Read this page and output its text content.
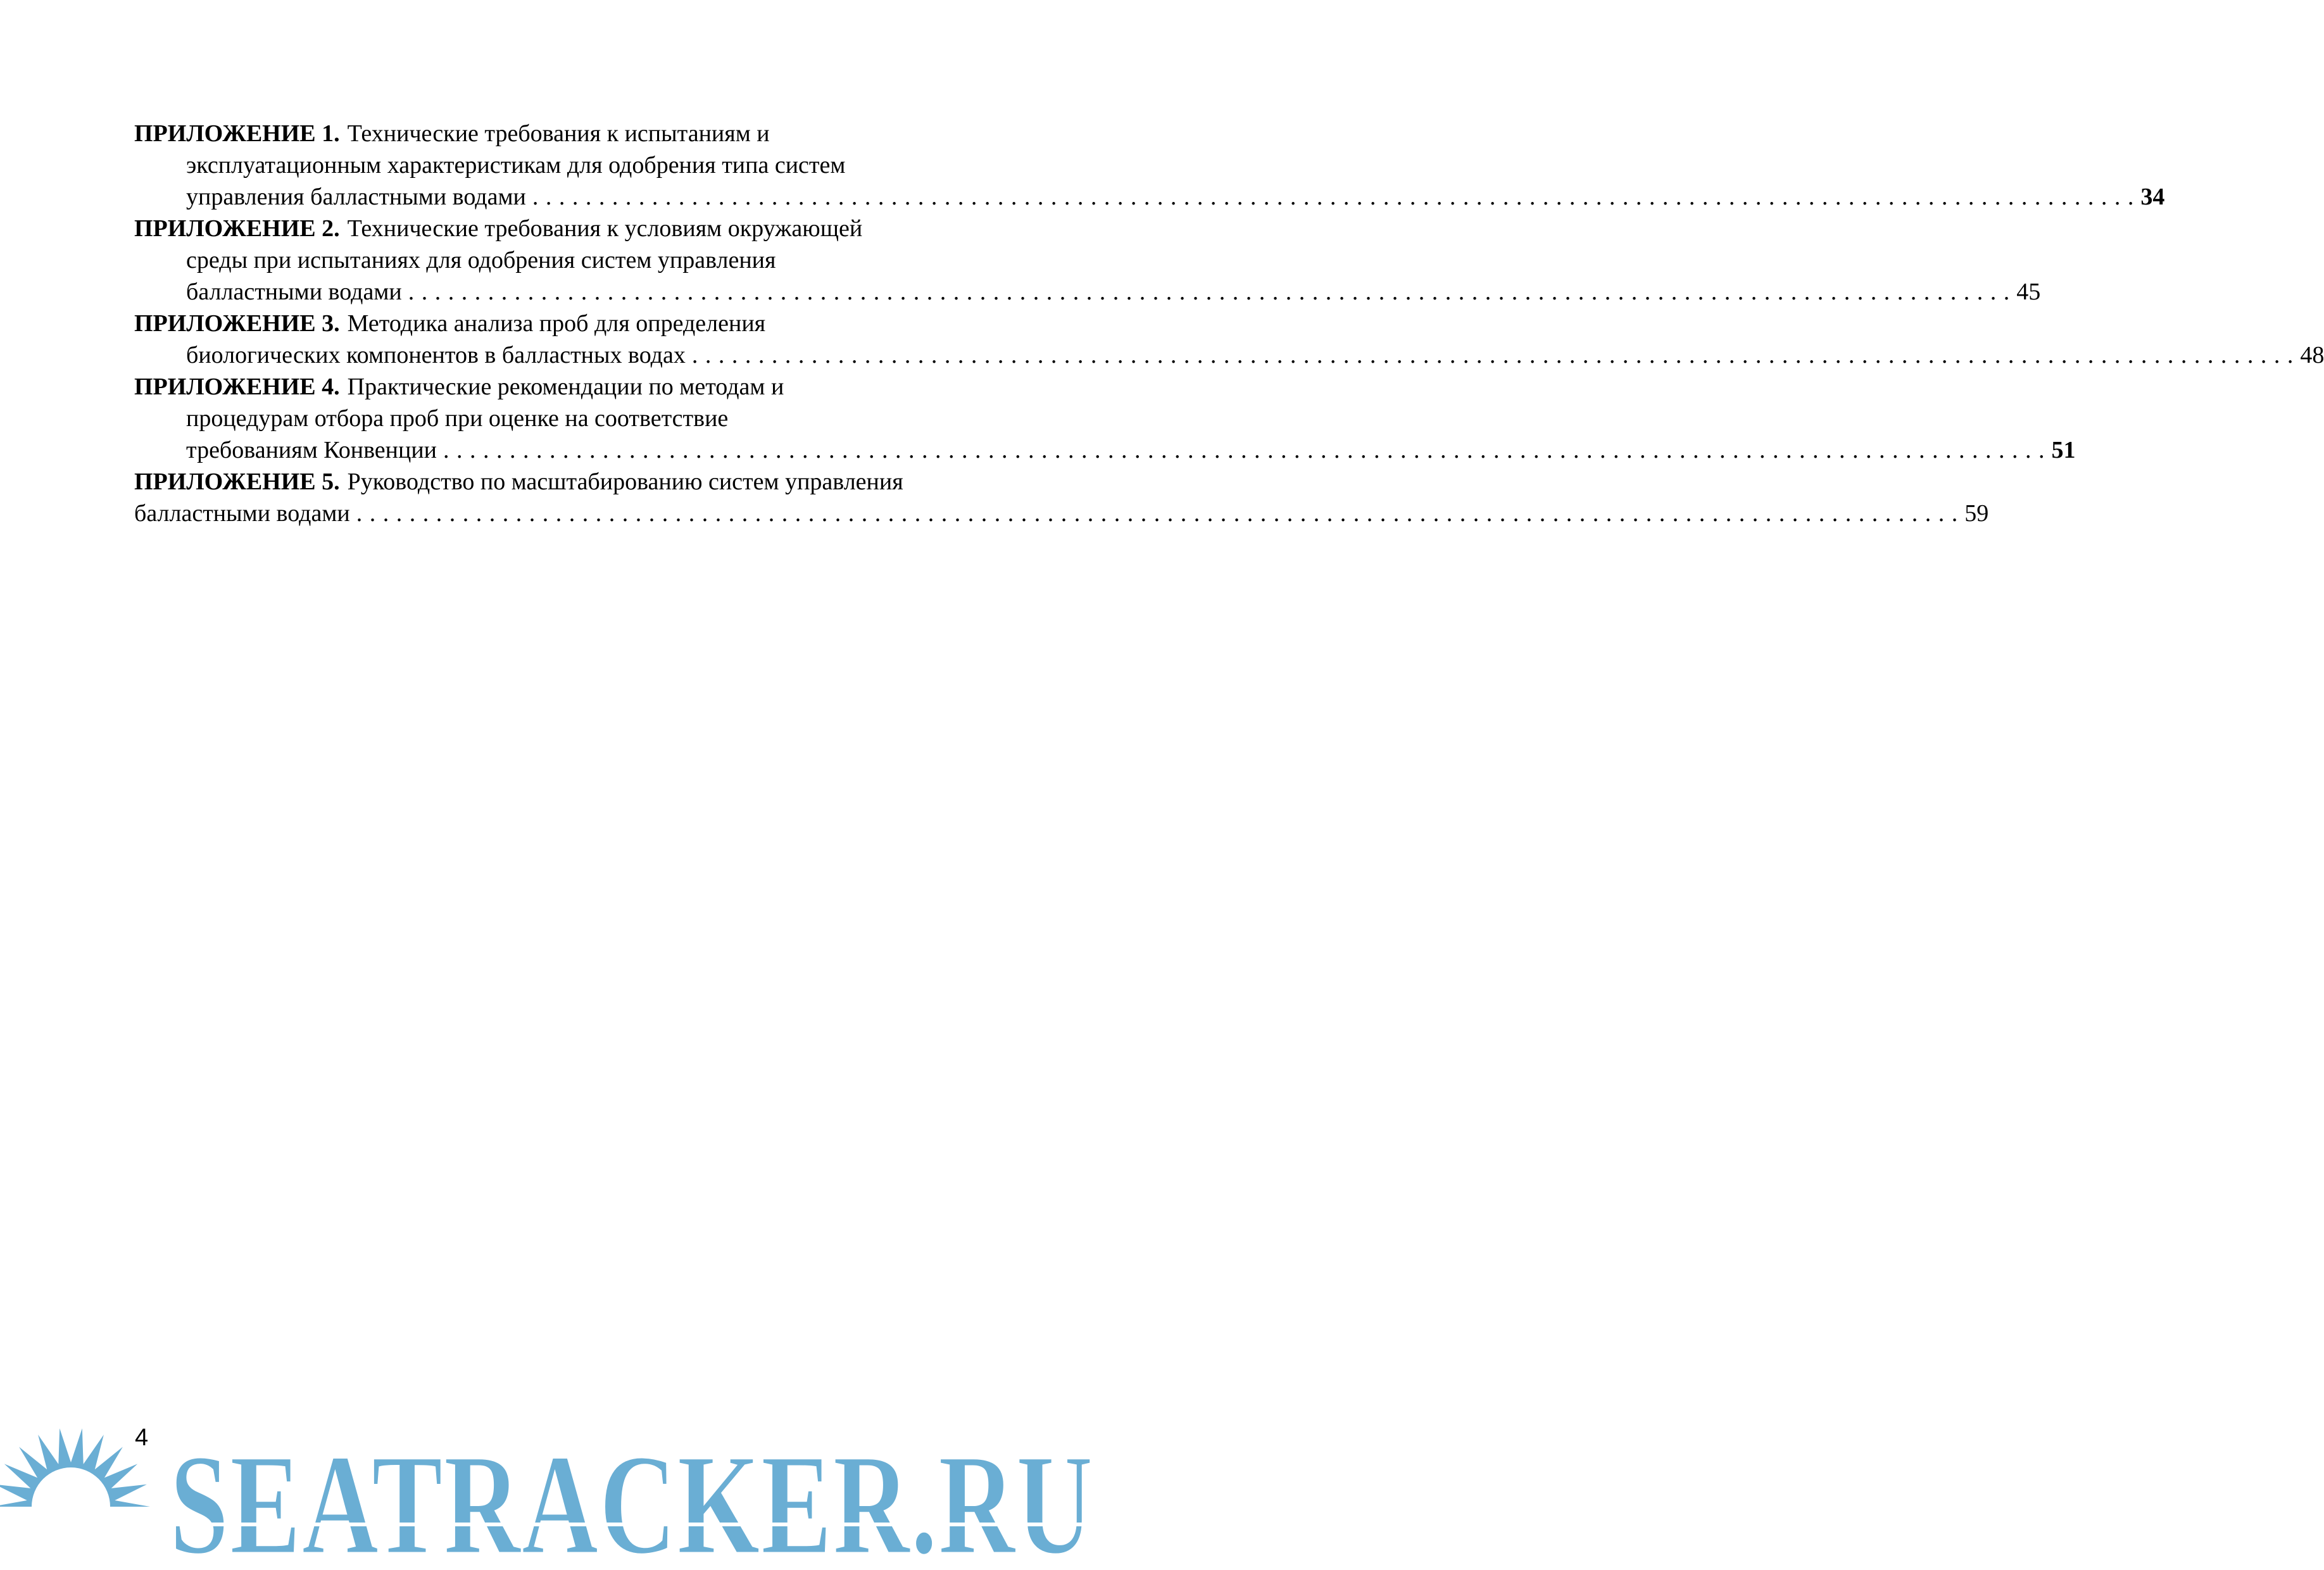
ПРИЛОЖЕНИЕ 1. Технические требования к испытаниям и
эксплуатационным характеристикам для одобрения типа систем
управления балластными водами . . .	34
ПРИЛОЖЕНИЕ 2. Технические требования к условиям окружающей
среды при испытаниях для одобрения систем управления
балластными водами . . .	45
ПРИЛОЖЕНИЕ 3. Методика анализа проб для определения
биологических компонентов в балластных водах . . .	48
ПРИЛОЖЕНИЕ 4. Практические рекомендации по методам и
процедурам отбора проб при оценке на соответствие
требованиям Конвенции . . .	51
ПРИЛОЖЕНИЕ 5. Руководство по масштабированию систем управления
балластными водами . . .	59
SEATRACKER.RU
4
